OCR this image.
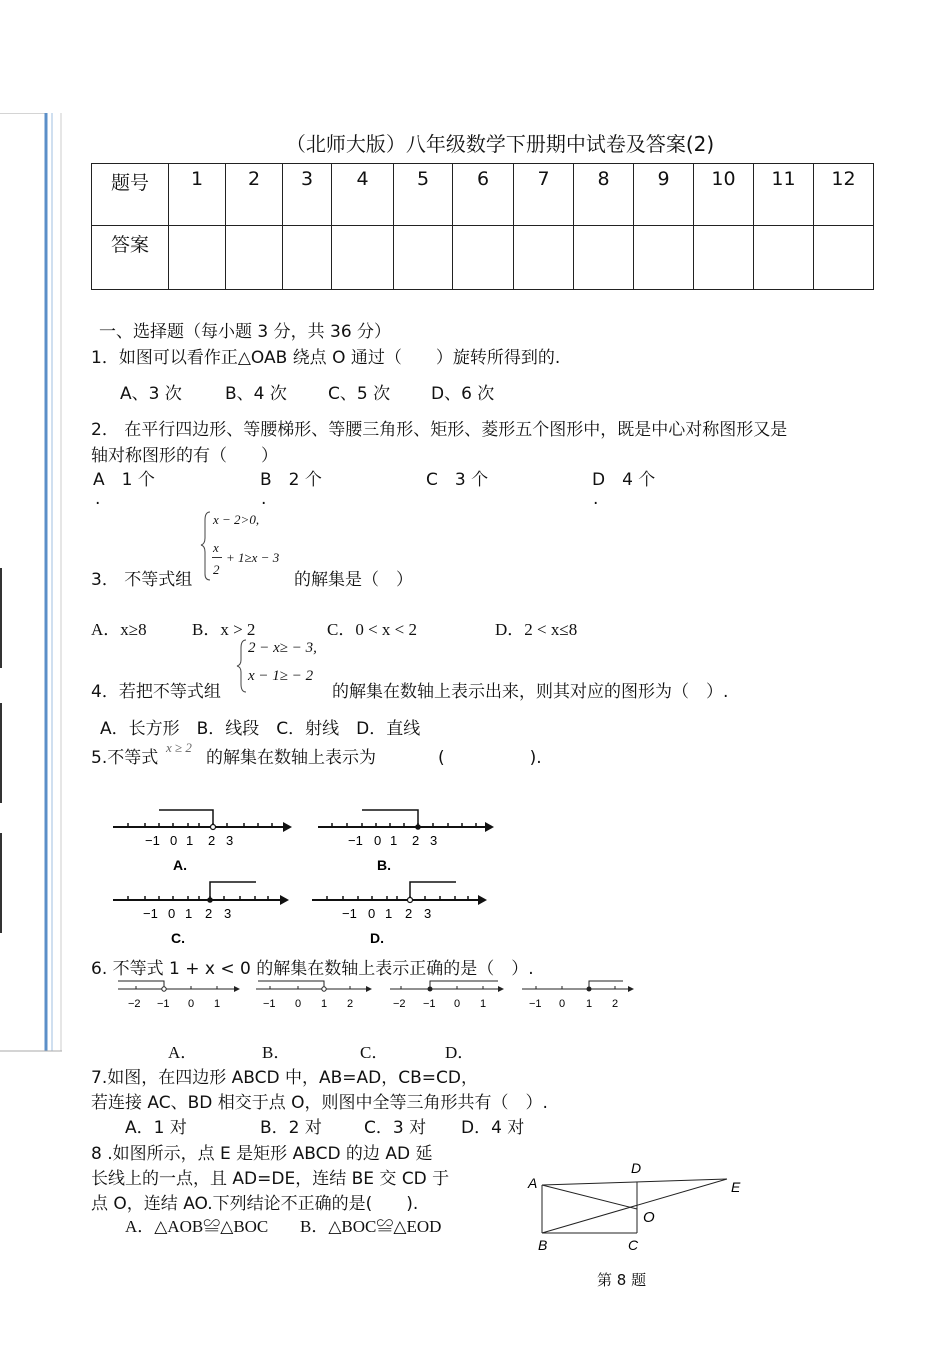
（北师大版）八年级数学下册期中试卷及答案(2)
题号	1	2	3	4	5	6	7	8	9	10	11	12
答案												
一、选择题（每小题 3 分，共 36 分）
1．如图可以看作正△OAB 绕点 O 通过（　　）旋转所得到的.
A、3 次	B、4 次 C、5 次 D、6 次
2． 在平行四边形、等腰梯形、等腰三角形、矩形、菱形五个图形中，既是中心对称图形又是
轴对称图形的有（　　）
A　1 个	B　2 个	C　3 个	D　4 个
.	.	.
3． 不等式组
x − 2>0,
x
2
+ 1≥x − 3
的解集是（　）
A．x≥8	B．x > 2	C．0 < x < 2	D．2 < x≤8
4．若把不等式组
2 − x≥ − 3,
x − 1≥ − 2
的解集在数轴上表示出来，则其对应的图形为（　）.
A．长方形　B．线段　C．射线　D．直线
5.不等式
x ≥ 2
的解集在数轴上表示为	(　　　　　).
−1 0 1 2 3
A.
−1 0 1 2 3
B.
−1 0 1 2 3
C.
−1 0 1 2 3
D.
6. 不等式 1 + x < 0 的解集在数轴上表示正确的是（　）.
−2 −1 0 1	−1 0 1 2	−2 −1 0 1	−1 0 1 2
A．	B．	C．	D．
7.如图，在四边形 ABCD 中，AB=AD，CB=CD，
若连接 AC、BD 相交于点 O，则图中全等三角形共有（　）.
A．1 对	B．2 对 C．3 对 D．4 对
8 .如图所示，点 E 是矩形 ABCD 的边 AD 延
长线上的一点，且 AD=DE，连结 BE 交 CD 于
点 O，连结 AO.下列结论不正确的是(　　).
A．△AOB≌△BOC B．△BOC≌△EOD
A
D
E
O
B	C
第 8 题
